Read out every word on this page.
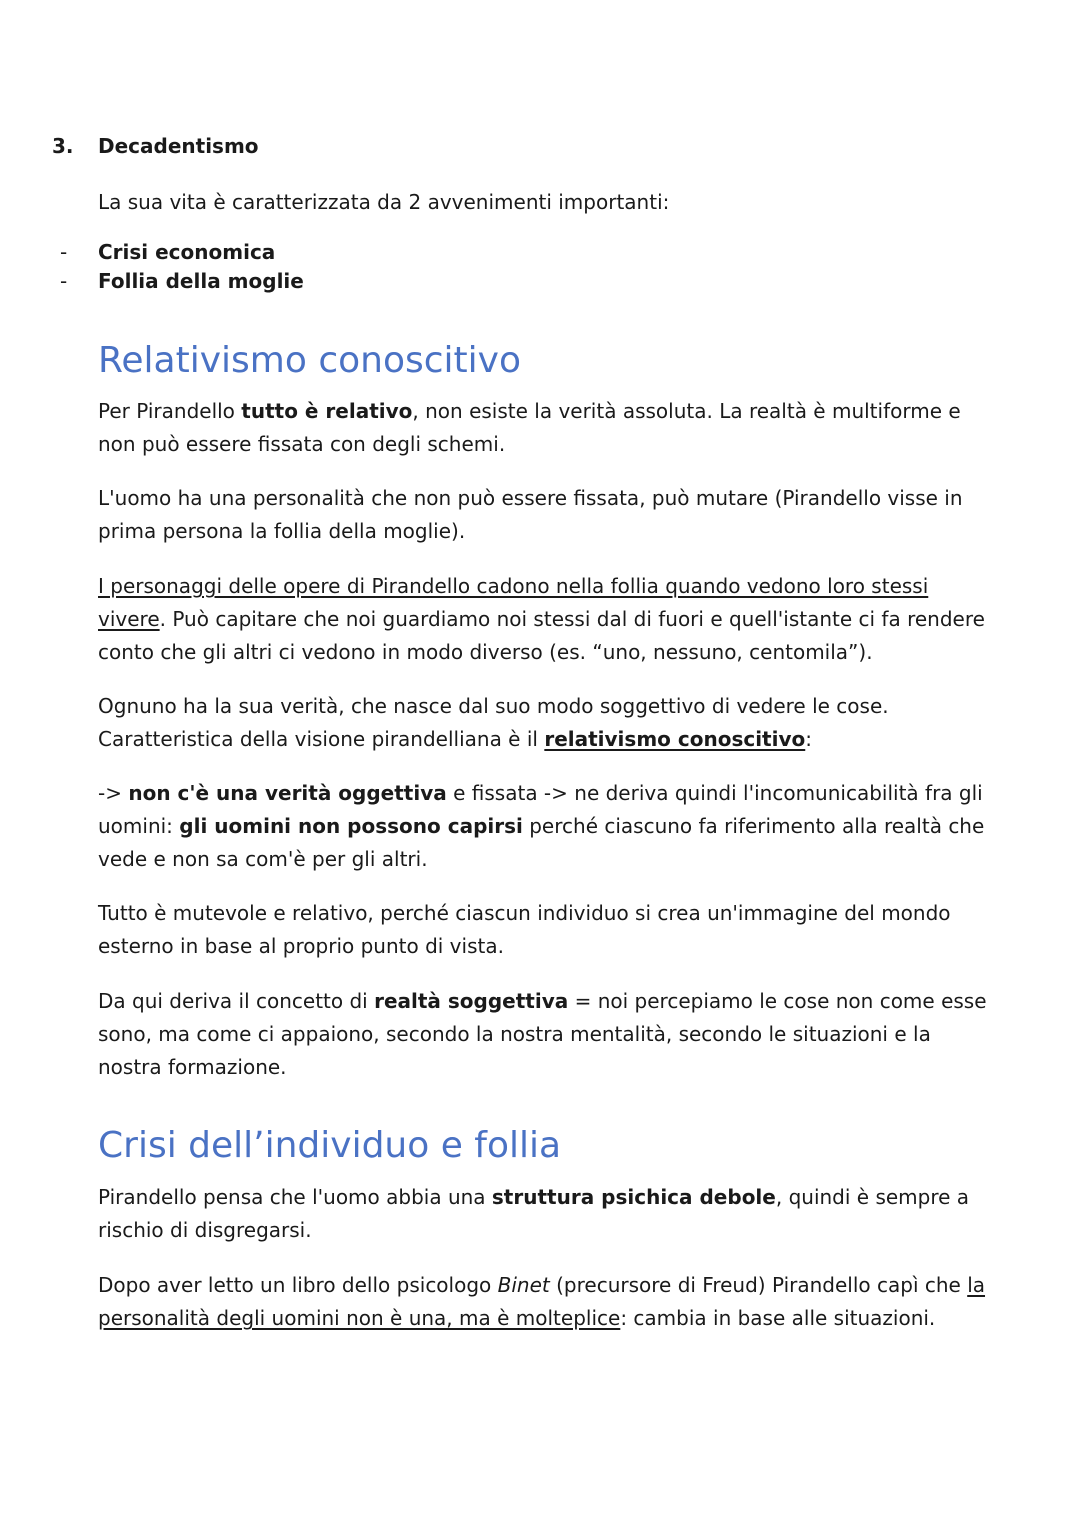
3. Decadentismo

La sua vita è caratterizzata da 2 avvenimenti importanti:

- Crisi economica
- Follia della moglie
Relativismo conoscitivo

Per Pirandello tutto è relativo, non esiste la verità assoluta. La realtà è multiforme e non può essere fissata con degli schemi.

L'uomo ha una personalità che non può essere fissata, può mutare (Pirandello visse in prima persona la follia della moglie).

I personaggi delle opere di Pirandello cadono nella follia quando vedono loro stessi vivere. Può capitare che noi guardiamo noi stessi dal di fuori e quell'istante ci fa rendere conto che gli altri ci vedono in modo diverso (es. “uno, nessuno, centomila”).

Ognuno ha la sua verità, che nasce dal suo modo soggettivo di vedere le cose. Caratteristica della visione pirandelliana è il relativismo conoscitivo:

-> non c'è una verità oggettiva e fissata -> ne deriva quindi l'incomunicabilità fra gli uomini: gli uomini non possono capirsi perché ciascuno fa riferimento alla realtà che vede e non sa com'è per gli altri.

Tutto è mutevole e relativo, perché ciascun individuo si crea un'immagine del mondo esterno in base al proprio punto di vista.

Da qui deriva il concetto di realtà soggettiva = noi percepiamo le cose non come esse sono, ma come ci appaiono, secondo la nostra mentalità, secondo le situazioni e la nostra formazione.

Crisi dell’individuo e follia

Pirandello pensa che l'uomo abbia una struttura psichica debole, quindi è sempre a rischio di disgregarsi.

Dopo aver letto un libro dello psicologo Binet (precursore di Freud) Pirandello capì che la personalità degli uomini non è una, ma è molteplice: cambia in base alle situazioni.
